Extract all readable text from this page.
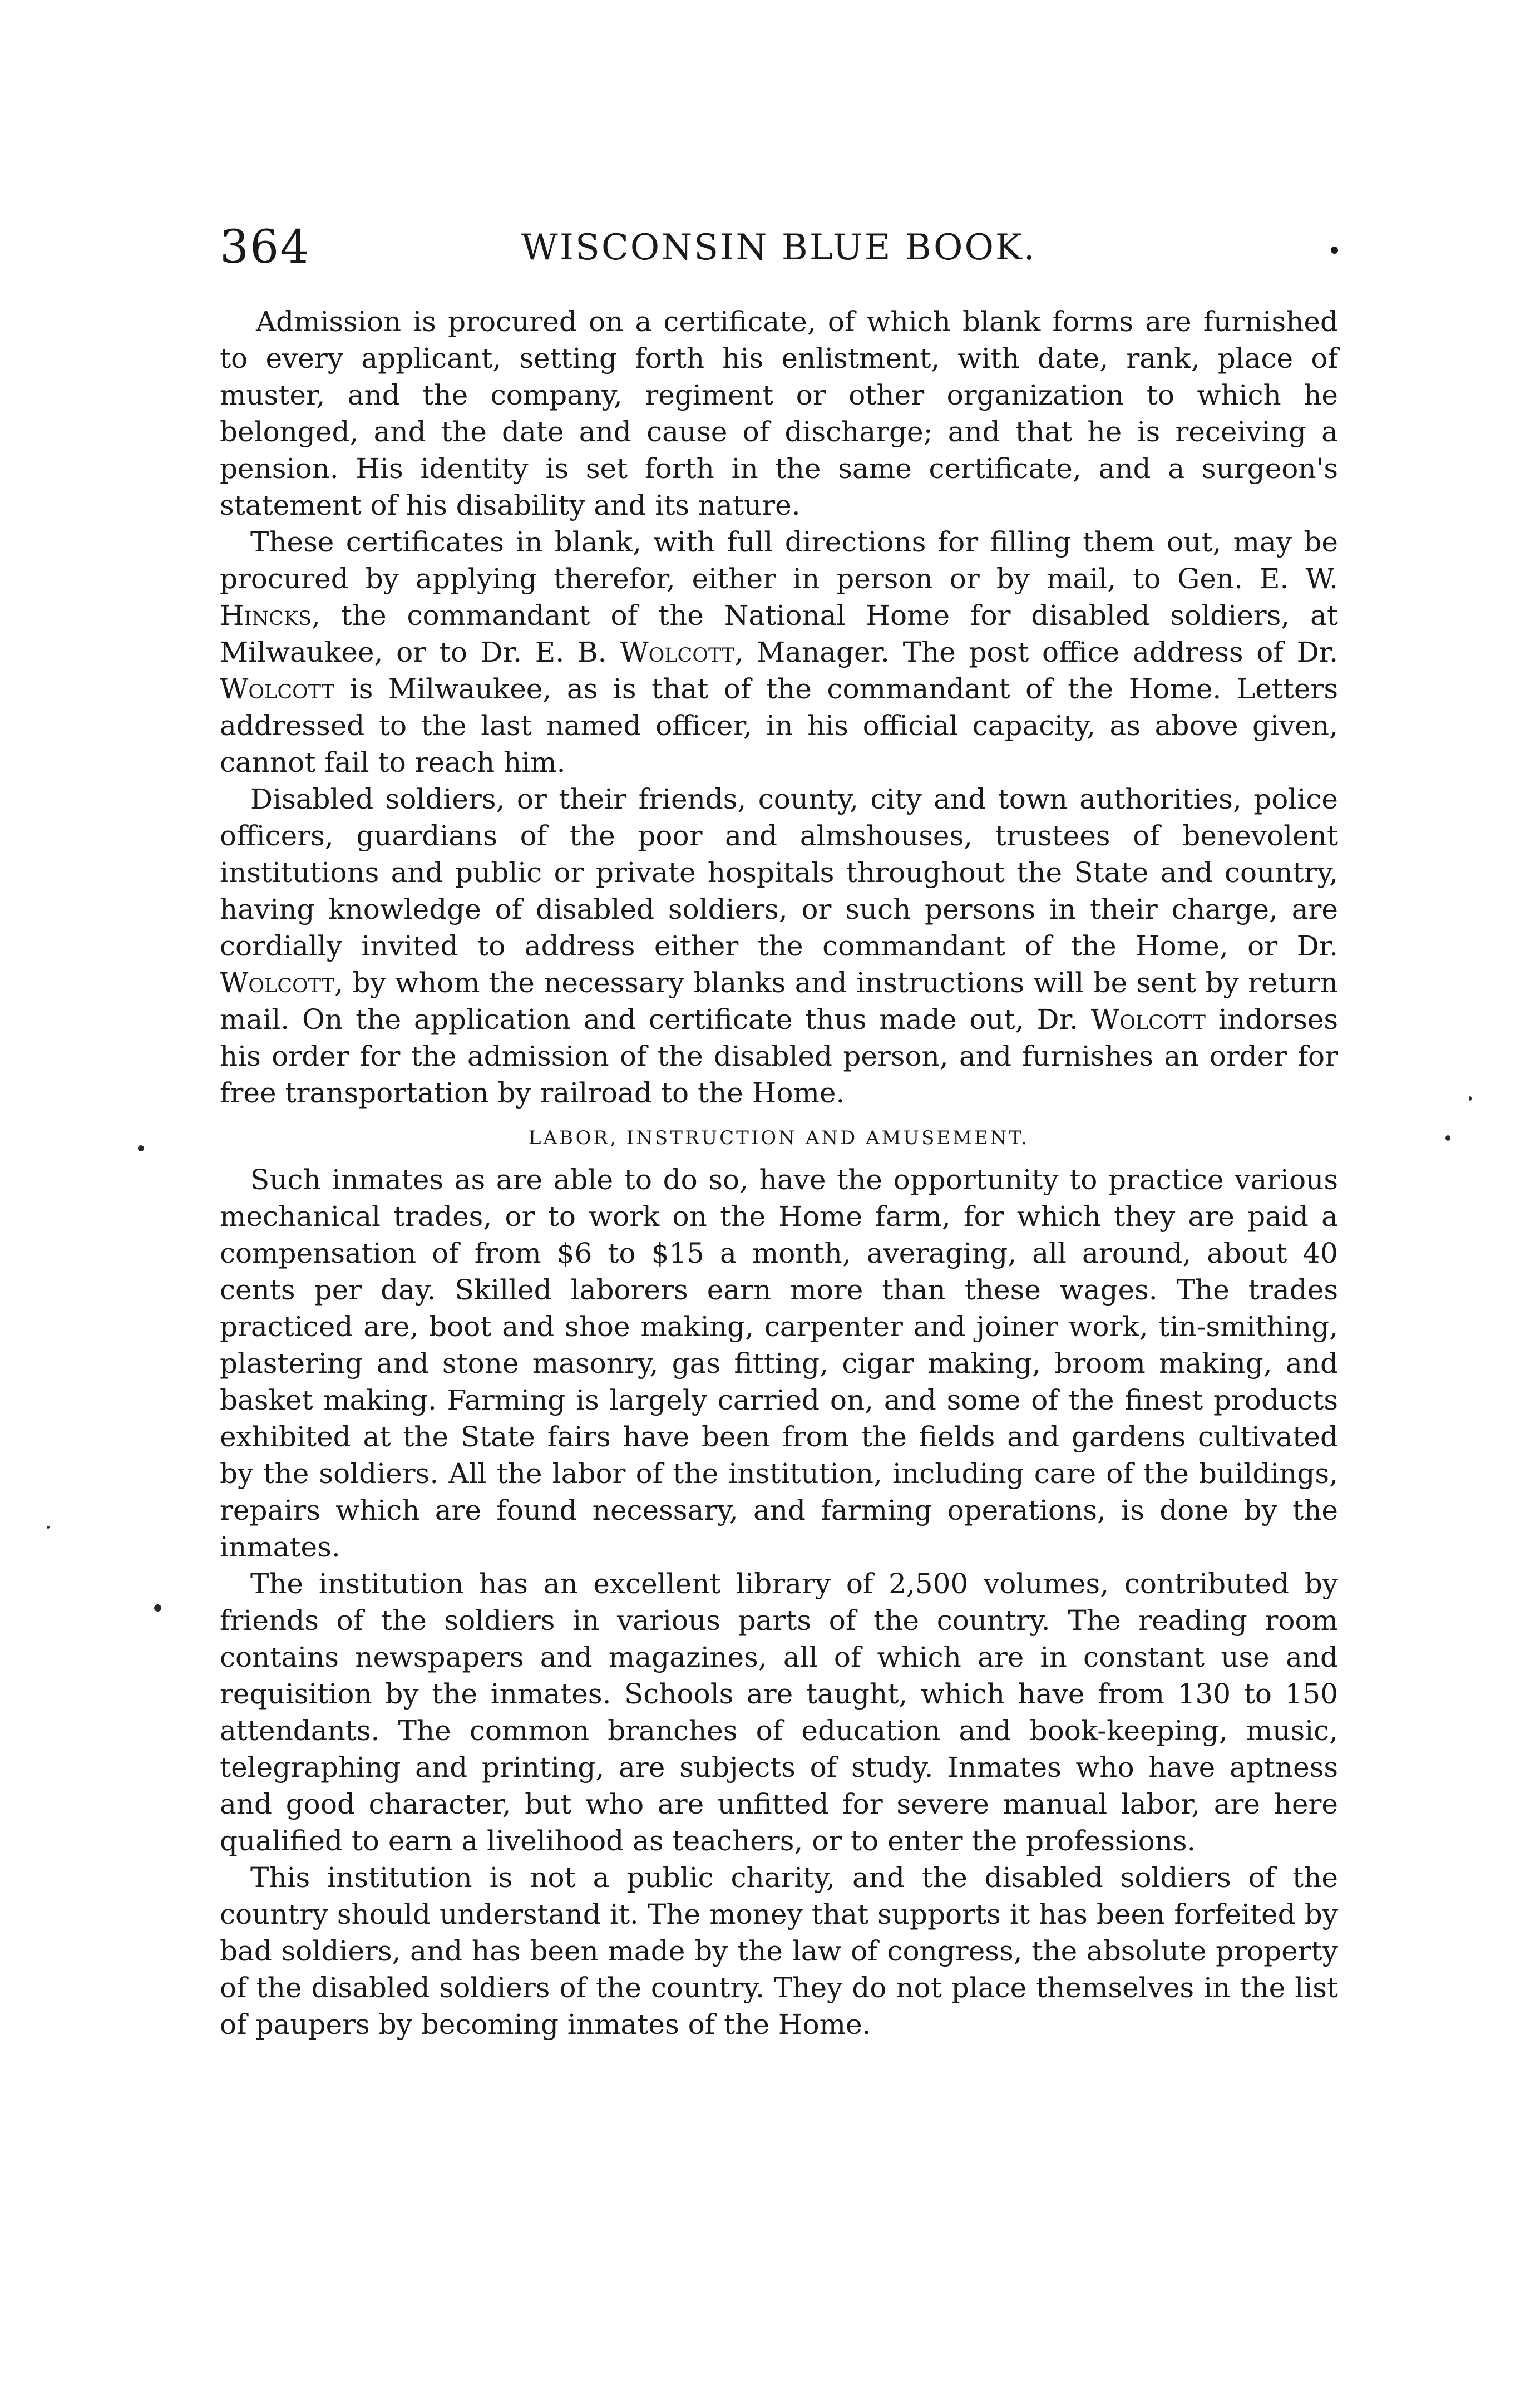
364	WISCONSIN BLUE BOOK.

Admission is procured on a certificate, of which blank forms are furnished to every applicant, setting forth his enlistment, with date, rank, place of muster, and the company, regiment or other organization to which he belonged, and the date and cause of discharge; and that he is receiving a pension. His identity is set forth in the same certificate, and a surgeon's statement of his disability and its nature.

These certificates in blank, with full directions for filling them out, may be procured by applying therefor, either in person or by mail, to Gen. E. W. Hincks, the commandant of the National Home for disabled soldiers, at Milwaukee, or to Dr. E. B. Wolcott, Manager. The post office address of Dr. Wolcott is Milwaukee, as is that of the commandant of the Home. Letters addressed to the last named officer, in his official capacity, as above given, cannot fail to reach him.

Disabled soldiers, or their friends, county, city and town authorities, police officers, guardians of the poor and almshouses, trustees of benevolent institutions and public or private hospitals throughout the State and country, having knowledge of disabled soldiers, or such persons in their charge, are cordially invited to address either the commandant of the Home, or Dr. Wolcott, by whom the necessary blanks and instructions will be sent by return mail. On the application and certificate thus made out, Dr. Wolcott indorses his order for the admission of the disabled person, and furnishes an order for free transportation by railroad to the Home.

LABOR, INSTRUCTION AND AMUSEMENT.

Such inmates as are able to do so, have the opportunity to practice various mechanical trades, or to work on the Home farm, for which they are paid a compensation of from $6 to $15 a month, averaging, all around, about 40 cents per day. Skilled laborers earn more than these wages. The trades practiced are, boot and shoe making, carpenter and joiner work, tin-smithing, plastering and stone masonry, gas fitting, cigar making, broom making, and basket making. Farming is largely carried on, and some of the finest products exhibited at the State fairs have been from the fields and gardens cultivated by the soldiers. All the labor of the institution, including care of the buildings, repairs which are found necessary, and farming operations, is done by the inmates.

The institution has an excellent library of 2,500 volumes, contributed by friends of the soldiers in various parts of the country. The reading room contains newspapers and magazines, all of which are in constant use and requisition by the inmates. Schools are taught, which have from 130 to 150 attendants. The common branches of education and book-keeping, music, telegraphing and printing, are subjects of study. Inmates who have aptness and good character, but who are unfitted for severe manual labor, are here qualified to earn a livelihood as teachers, or to enter the professions.

This institution is not a public charity, and the disabled soldiers of the country should understand it. The money that supports it has been forfeited by bad soldiers, and has been made by the law of congress, the absolute property of the disabled soldiers of the country. They do not place themselves in the list of paupers by becoming inmates of the Home.
